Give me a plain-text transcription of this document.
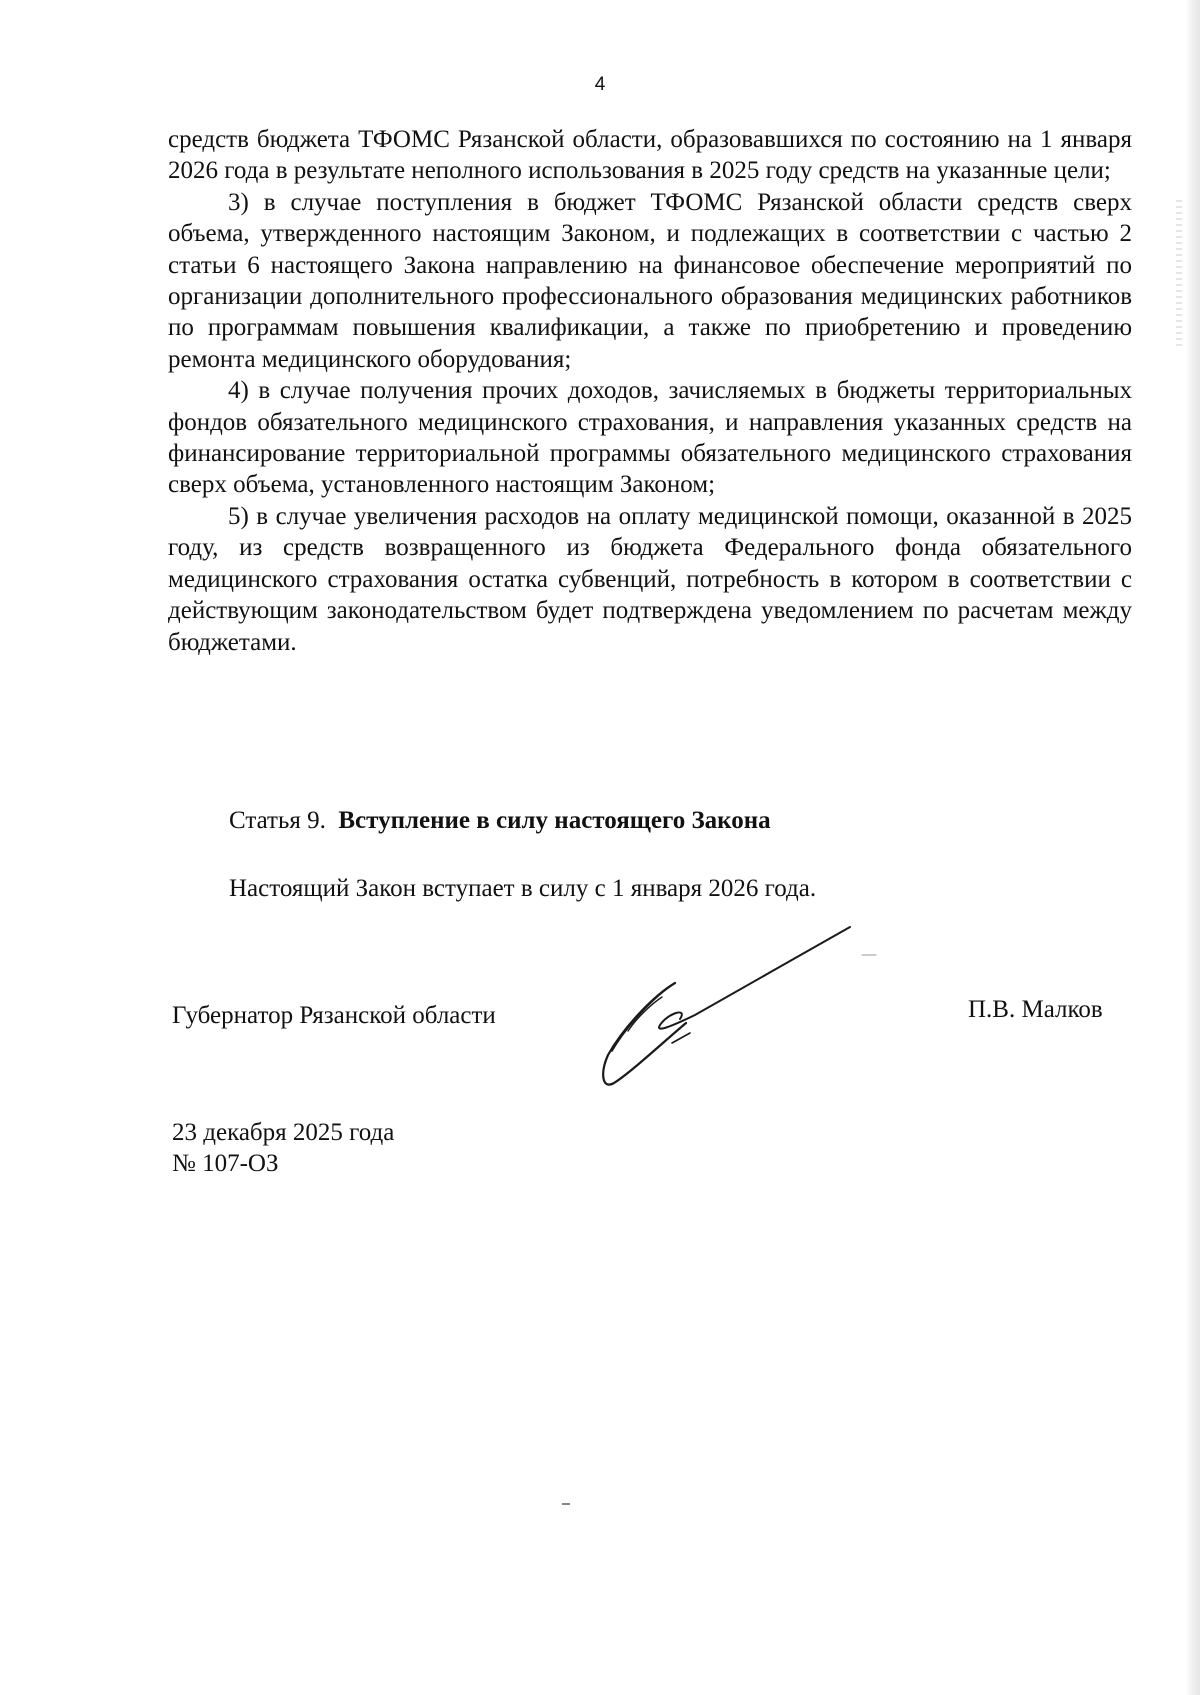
4

средств бюджета ТФОМС Рязанской области, образовавшихся по состоянию на 1 января 2026 года в результате неполного использования в 2025 году средств на указанные цели;

3) в случае поступления в бюджет ТФОМС Рязанской области средств сверх объема, утвержденного настоящим Законом, и подлежащих в соответствии с частью 2 статьи 6 настоящего Закона направлению на финансовое обеспечение мероприятий по организации дополнительного профессионального образования медицинских работников по программам повышения квалификации, а также по приобретению и проведению ремонта медицинского оборудования;

4) в случае получения прочих доходов, зачисляемых в бюджеты территориальных фондов обязательного медицинского страхования, и направления указанных средств на финансирование территориальной программы обязательного медицинского страхования сверх объема, установленного настоящим Законом;

5) в случае увеличения расходов на оплату медицинской помощи, оказанной в 2025 году, из средств возвращенного из бюджета Федерального фонда обязательного медицинского страхования остатка субвенций, потребность в котором в соответствии с действующим законодательством будет подтверждена уведомлением по расчетам между бюджетами.

Статья 9. Вступление в силу настоящего Закона
Настоящий Закон вступает в силу с 1 января 2026 года.
Губернатор Рязанской области	П.В. Малков
23 декабря 2025 года
№ 107-ОЗ
